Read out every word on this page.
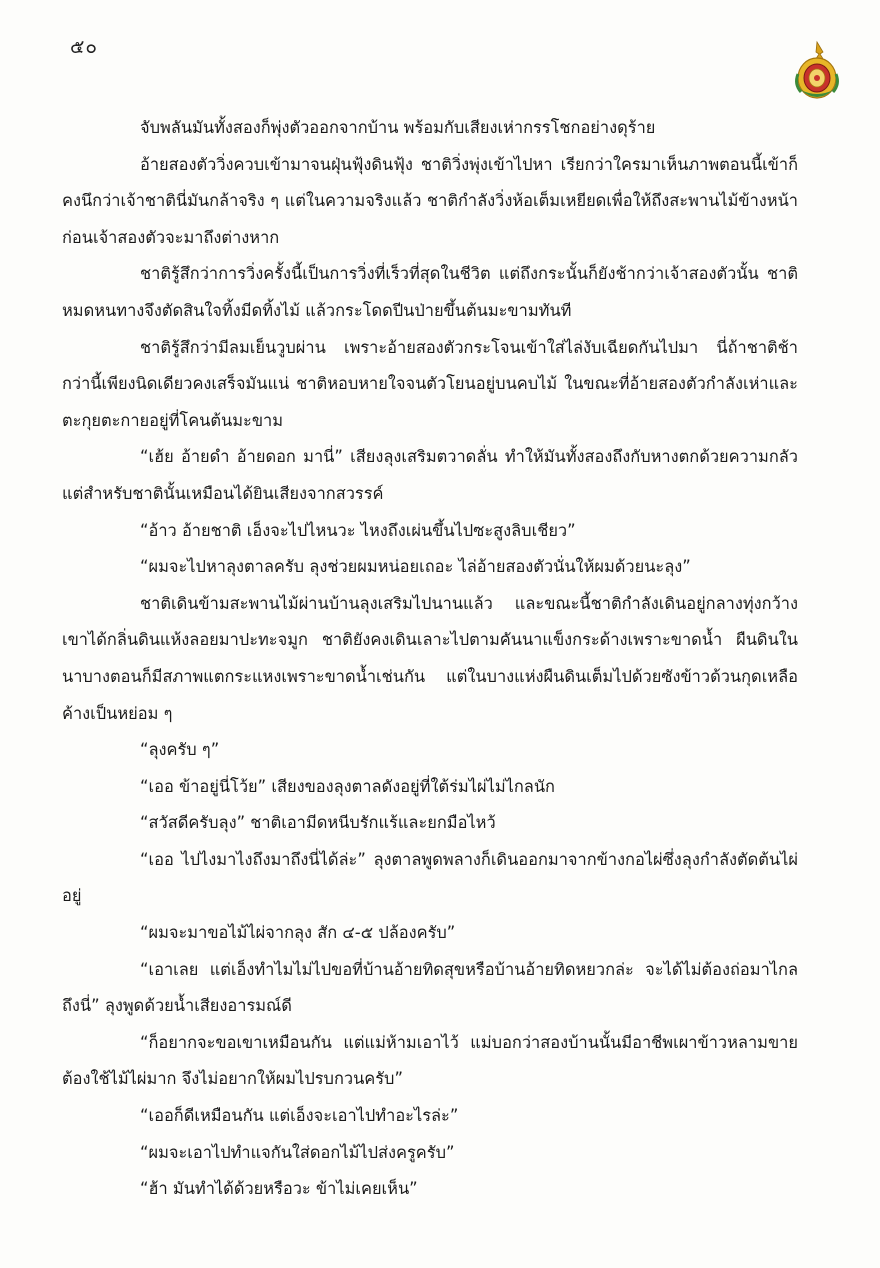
๕๐

จับพลันมันทั้งสองก็พุ่งตัวออกจากบ้าน พร้อมกับเสียงเห่ากรรโชกอย่างดุร้าย

อ้ายสองตัววิ่งควบเข้ามาจนฝุ่นฟุ้งดินฟุ้ง ชาติวิ่งพุ่งเข้าไปหา เรียกว่าใครมาเห็นภาพตอนนี้เข้าก็คงนึกว่าเจ้าชาตินี่มันกล้าจริง ๆ แต่ในความจริงแล้ว ชาติกำลังวิ่งห้อเต็มเหยียดเพื่อให้ถึงสะพานไม้ข้างหน้า ก่อนเจ้าสองตัวจะมาถึงต่างหาก

ชาติรู้สึกว่าการวิ่งครั้งนี้เป็นการวิ่งที่เร็วที่สุดในชีวิต แต่ถึงกระนั้นก็ยังช้ากว่าเจ้าสองตัวนั้น ชาติหมดหนทางจึงตัดสินใจทิ้งมีดทิ้งไม้ แล้วกระโดดปีนป่ายขึ้นต้นมะขามทันที

ชาติรู้สึกว่ามีลมเย็นวูบผ่าน เพราะอ้ายสองตัวกระโจนเข้าใส่ไล่งับเฉียดกันไปมา นี่ถ้าชาติช้ากว่านี้เพียงนิดเดียวคงเสร็จมันแน่ ชาติหอบหายใจจนตัวโยนอยู่บนคบไม้ ในขณะที่อ้ายสองตัวกำลังเห่าและตะกุยตะกายอยู่ที่โคนต้นมะขาม

“เฮ้ย อ้ายดำ อ้ายดอก มานี่” เสียงลุงเสริมตวาดลั่น ทำให้มันทั้งสองถึงกับหางตกด้วยความกลัว แต่สำหรับชาตินั้นเหมือนได้ยินเสียงจากสวรรค์

“อ้าว อ้ายชาติ เอ็งจะไปไหนวะ ไหงถึงเผ่นขึ้นไปซะสูงลิบเชียว”

“ผมจะไปหาลุงตาลครับ ลุงช่วยผมหน่อยเถอะ ไล่อ้ายสองตัวนั่นให้ผมด้วยนะลุง”

ชาติเดินข้ามสะพานไม้ผ่านบ้านลุงเสริมไปนานแล้ว และขณะนี้ชาติกำลังเดินอยู่กลางทุ่งกว้าง เขาได้กลิ่นดินแห้งลอยมาปะทะจมูก ชาติยังคงเดินเลาะไปตามคันนาแข็งกระด้างเพราะขาดน้ำ ผืนดินในนาบางตอนก็มีสภาพแตกระแหงเพราะขาดน้ำเช่นกัน แต่ในบางแห่งผืนดินเต็มไปด้วยซังข้าวด้วนกุดเหลือค้างเป็นหย่อม ๆ

“ลุงครับ ๆ”

“เออ ข้าอยู่นี่โว้ย” เสียงของลุงตาลดังอยู่ที่ใต้ร่มไผ่ไม่ไกลนัก

“สวัสดีครับลุง” ชาติเอามีดหนีบรักแร้และยกมือไหว้

“เออ ไปไงมาไงถึงมาถึงนี่ได้ล่ะ” ลุงตาลพูดพลางก็เดินออกมาจากข้างกอไผ่ซึ่งลุงกำลังตัดต้นไผ่อยู่

“ผมจะมาขอไม้ไผ่จากลุง สัก ๔-๕ ปล้องครับ”

“เอาเลย แต่เอ็งทำไมไม่ไปขอที่บ้านอ้ายทิดสุขหรือบ้านอ้ายทิดหยวกล่ะ จะได้ไม่ต้องถ่อมาไกลถึงนี่” ลุงพูดด้วยน้ำเสียงอารมณ์ดี

“ก็อยากจะขอเขาเหมือนกัน แต่แม่ห้ามเอาไว้ แม่บอกว่าสองบ้านนั้นมีอาชีพเผาข้าวหลามขาย ต้องใช้ไม้ไผ่มาก จึงไม่อยากให้ผมไปรบกวนครับ”

“เออก็ดีเหมือนกัน แต่เอ็งจะเอาไปทำอะไรล่ะ”

“ผมจะเอาไปทำแจกันใส่ดอกไม้ไปส่งครูครับ”

“ฮ้า มันทำได้ด้วยหรือวะ ข้าไม่เคยเห็น”
